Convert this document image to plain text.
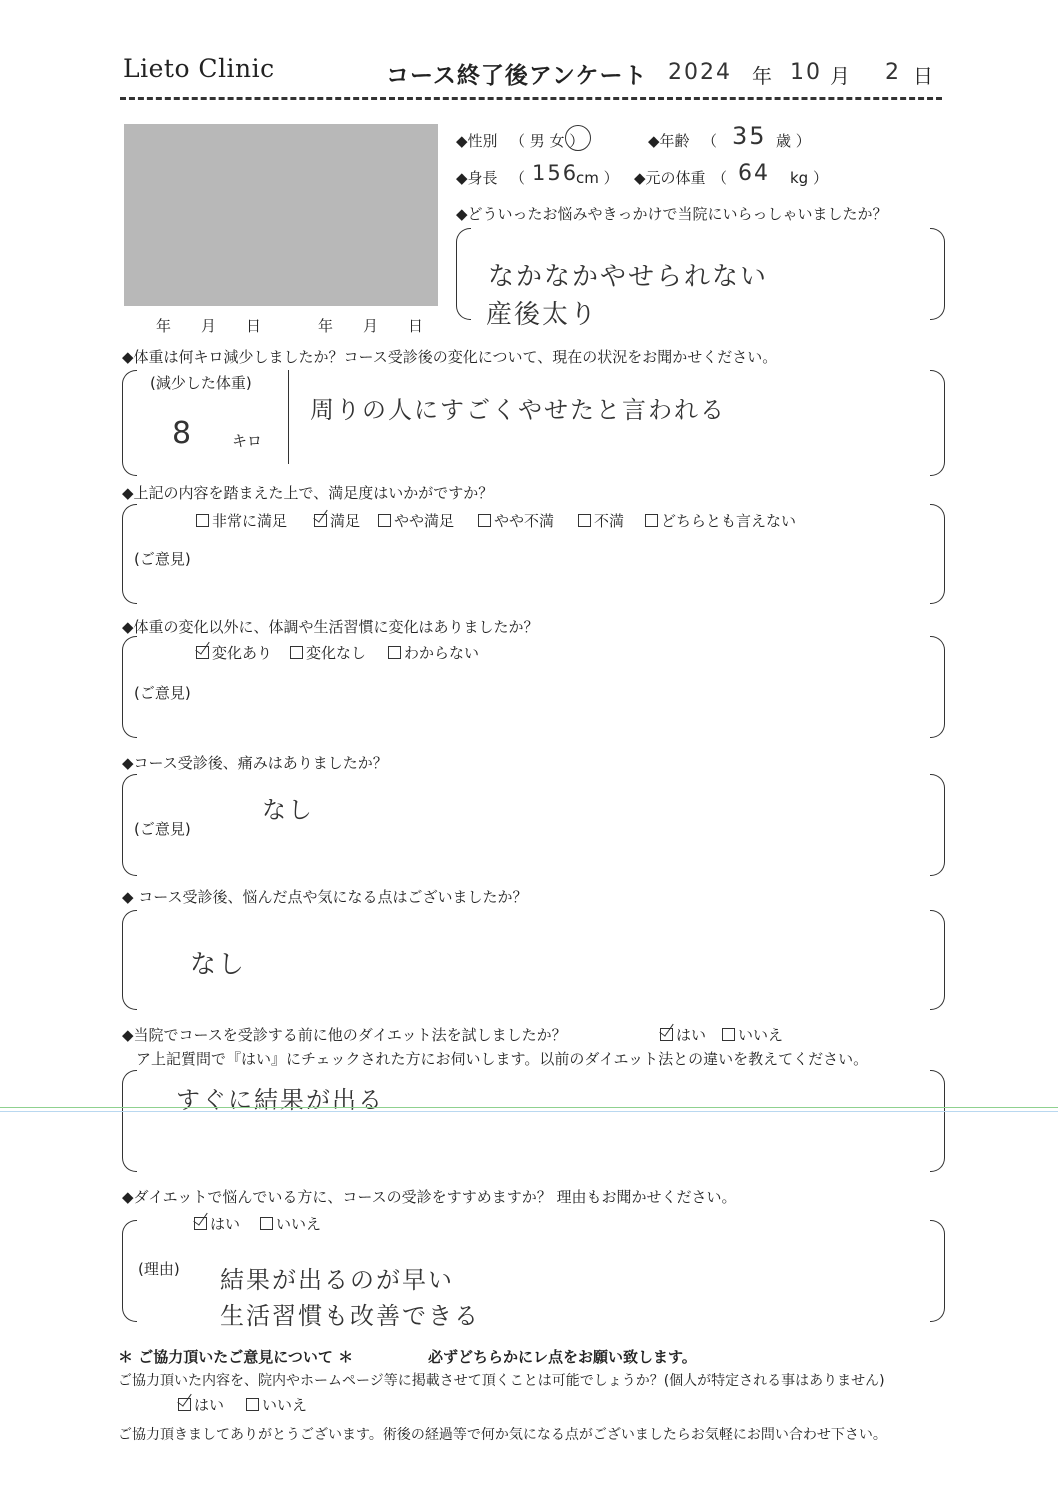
Lieto Clinic	コース終了後アンケート 2024 年 10 月 2 日
年　　月　　日	年　　月　　日
◆性別 （ 男 女 ）	◆年齢 （ 35 歳 ）
◆身長 （ 156
cm ） ◆元の体重 （ 64 kg ）
◆どういったお悩みやきっかけで当院にいらっしゃいましたか？
なかなかやせられない
産後太り
◆体重は何キロ減少しましたか？コース受診後の変化について、現在の状況をお聞かせください。
(減少した体重)
8	キロ
周りの人にすごくやせたと言われる
◆上記の内容を踏まえた上で、満足度はいかがですか？
非常に満足	満足	やや満足	やや不満	不満	どちらとも言えない
(ご意見)
◆体重の変化以外に、体調や生活習慣に変化はありましたか？
変化あり	変化なし	わからない
(ご意見)
◆コース受診後、痛みはありましたか？
なし
(ご意見)
◆ コース受診後、悩んだ点や気になる点はございましたか？
なし
◆当院でコースを受診する前に他のダイエット法を試しましたか？	はい	いいえ
ア上記質問で『はい』にチェックされた方にお伺いします。以前のダイエット法との違いを教えてください。
すぐに結果が出る
◆ダイエットで悩んでいる方に、コースの受診をすすめますか？ 理由もお聞かせください。
はい	いいえ
(理由) 結果が出るのが早い
生活習慣も改善できる
＊ ご協力頂いたご意見について ＊	必ずどちらかにレ点をお願い致します。
ご協力頂いた内容を、院内やホームページ等に掲載させて頂くことは可能でしょうか？(個人が特定される事はありません)
はい	いいえ
ご協力頂きましてありがとうございます。術後の経過等で何か気になる点がございましたらお気軽にお問い合わせ下さい。
